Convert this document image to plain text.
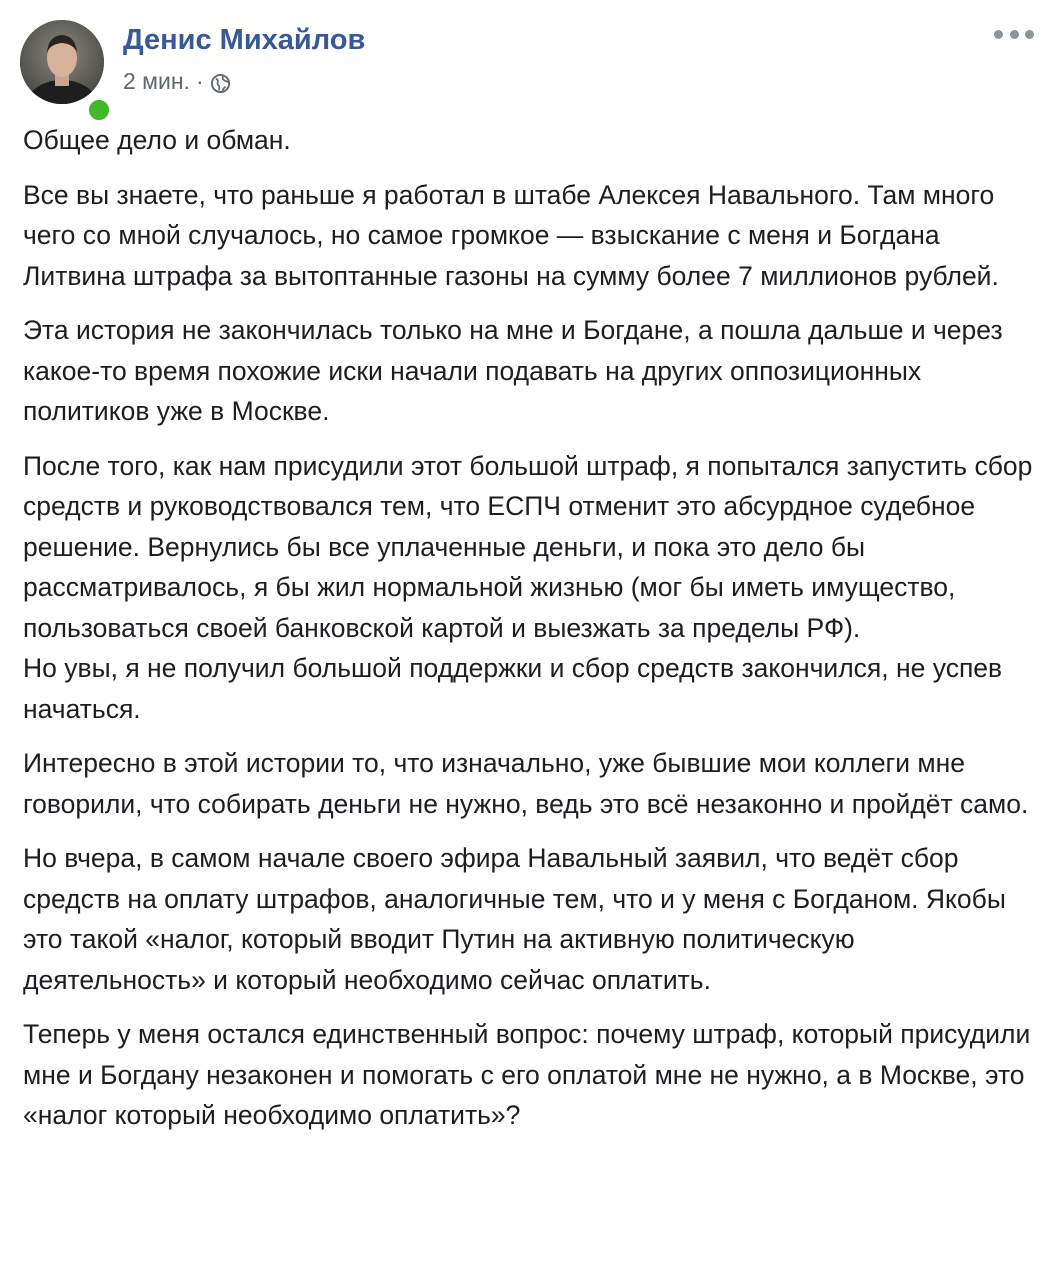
Денис Михайлов
2 мин. ·

Общее дело и обман.

Все вы знаете, что раньше я работал в штабе Алексея Навального. Там много чего со мной случалось, но самое громкое — взыскание с меня и Богдана Литвина штрафа за вытоптанные газоны на сумму более 7 миллионов рублей.

Эта история не закончилась только на мне и Богдане, а пошла дальше и через какое-то время похожие иски начали подавать на других оппозиционных политиков уже в Москве.

После того, как нам присудили этот большой штраф, я попытался запустить сбор средств и руководствовался тем, что ЕСПЧ отменит это абсурдное судебное решение. Вернулись бы все уплаченные деньги, и пока это дело бы рассматривалось, я бы жил нормальной жизнью (мог бы иметь имущество, пользоваться своей банковской картой и выезжать за пределы РФ).
Но увы, я не получил большой поддержки и сбор средств закончился, не успев начаться.

Интересно в этой истории то, что изначально, уже бывшие мои коллеги мне говорили, что собирать деньги не нужно, ведь это всё незаконно и пройдёт само.

Но вчера, в самом начале своего эфира Навальный заявил, что ведёт сбор средств на оплату штрафов, аналогичные тем, что и у меня с Богданом. Якобы это такой «налог, который вводит Путин на активную политическую деятельность» и который необходимо сейчас оплатить.

Теперь у меня остался единственный вопрос: почему штраф, который присудили мне и Богдану незаконен и помогать с его оплатой мне не нужно, а в Москве, это «налог который необходимо оплатить»?
